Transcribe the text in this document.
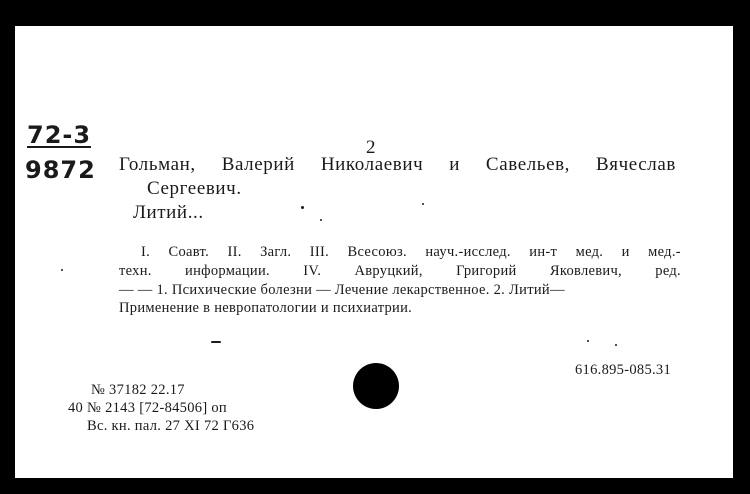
72-3
9872
2
Гольман, Валерий Николаевич и Савельев, Вячеслав
Сергеевич.
Литий...
I. Соавт. II. Загл. III. Всесоюз. науч.-исслед. ин-т мед. и мед.-
техн. информации. IV. Авруцкий, Григорий Яковлевич, ред.
— — 1. Психические болезни — Лечение лекарственное. 2. Литий—
Применение в невропатологии и психиатрии.
616.895-085.31
№ 37182 22.17
40 № 2143 [72-84506] оп
Вс. кн. пал. 27 XI 72 Г636
